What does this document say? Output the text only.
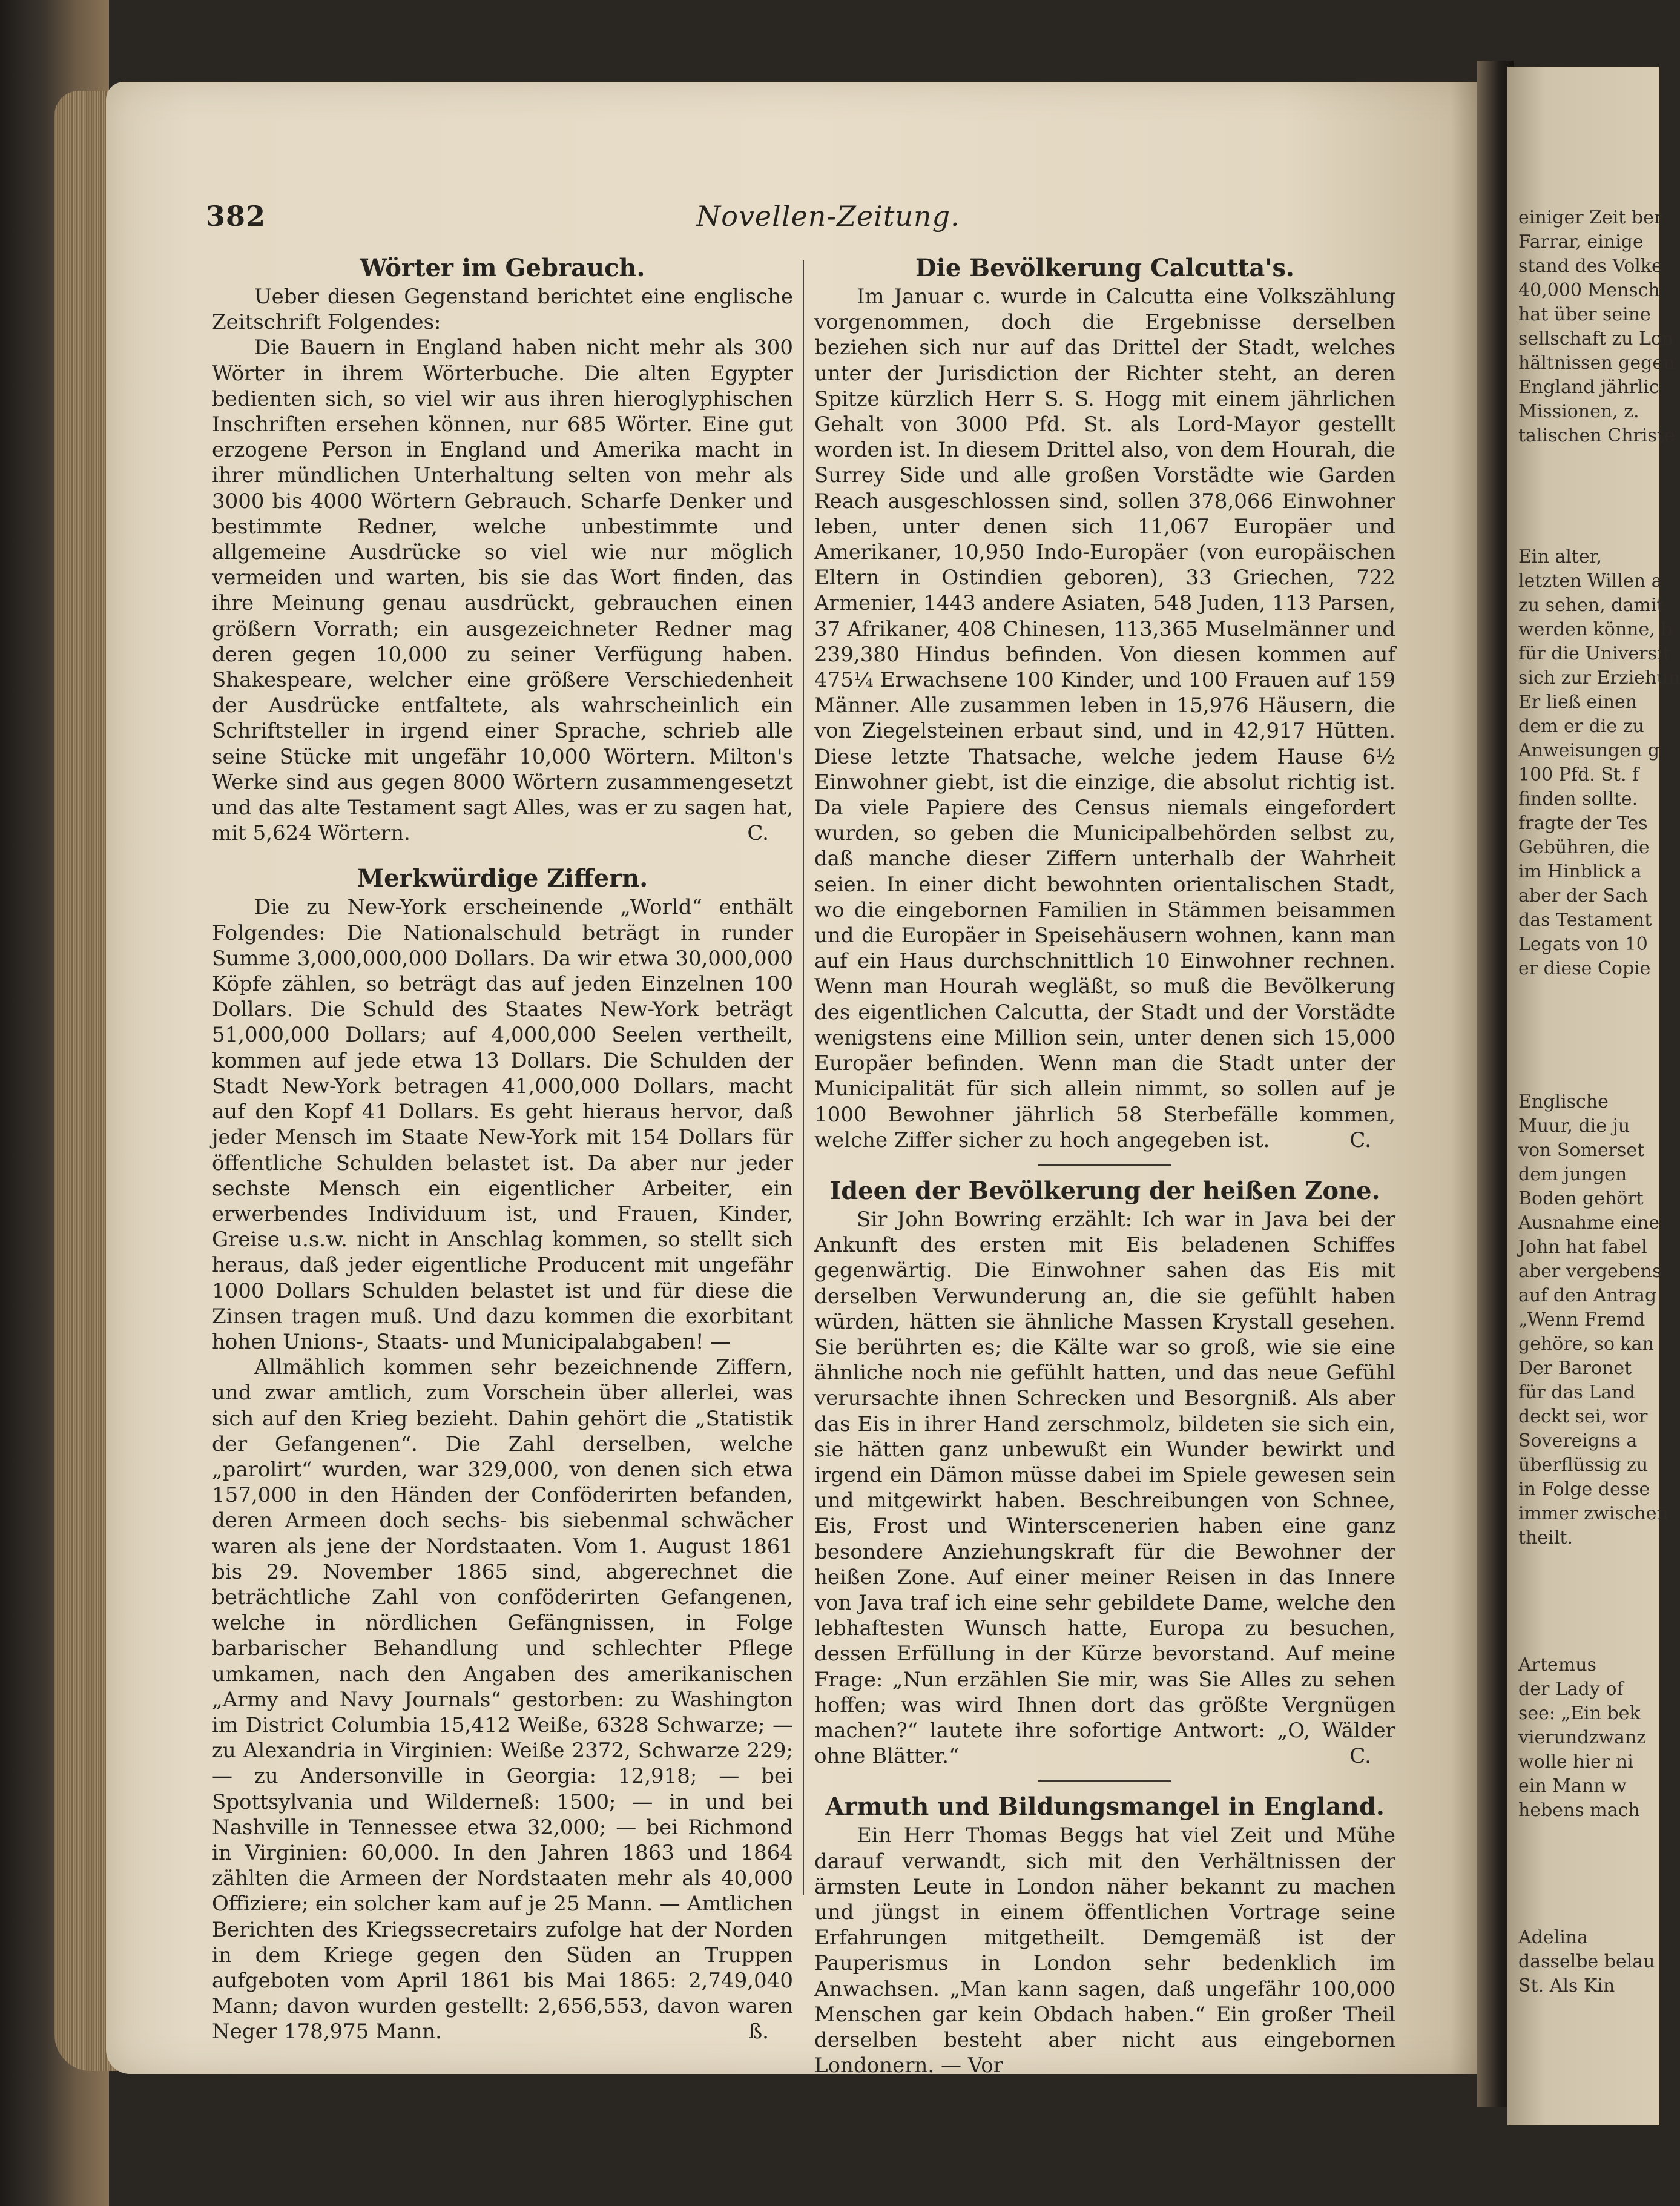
einiger Zeit ber
Farrar, einige
stand des Volke
40,000 Mensch
hat über seine
sellschaft zu Lon
hältnissen gegen
England jährlic
Missionen, z.
talischen Christe
Ein alter,
letzten Willen a
zu sehen, damit
werden könne, b
für die Universit
sich zur Erziehun
Er ließ einen
dem er die zu
Anweisungen g
100 Pfd. St. f
finden sollte.
fragte der Tes
Gebühren, die
im Hinblick a
aber der Sach
das Testament
Legats von 10
er diese Copie
Englische
Muur, die ju
von Somerset
dem jungen
Boden gehört
Ausnahme eine
John hat fabel
aber vergebens
auf den Antrag
„Wenn Fremd
gehöre, so kan
Der Baronet
für das Land
deckt sei, wor
Sovereigns a
überflüssig zu
in Folge desse
immer zwischen
theilt.
Artemus
der Lady of
see: „Ein bek
vierundzwanz
wolle hier ni
ein Mann w
hebens mach
Adelina
dasselbe belau
St. Als Kin
382	Novellen-Zeitung.
Wörter im Gebrauch.

Ueber diesen Gegenstand berichtet eine englische Zeitschrift Folgendes:

Die Bauern in England haben nicht mehr als 300 Wörter in ihrem Wörterbuche. Die alten Egypter bedienten sich, so viel wir aus ihren hieroglyphischen Inschriften ersehen können, nur 685 Wörter. Eine gut erzogene Person in England und Amerika macht in ihrer mündlichen Unterhaltung selten von mehr als 3000 bis 4000 Wörtern Gebrauch. Scharfe Denker und bestimmte Redner, welche unbestimmte und allgemeine Ausdrücke so viel wie nur möglich vermeiden und warten, bis sie das Wort finden, das ihre Meinung genau ausdrückt, gebrauchen einen größern Vorrath; ein ausgezeichneter Redner mag deren gegen 10,000 zu seiner Verfügung haben. Shakespeare, welcher eine größere Verschiedenheit der Ausdrücke entfaltete, als wahrscheinlich ein Schriftsteller in irgend einer Sprache, schrieb alle seine Stücke mit ungefähr 10,000 Wörtern. Milton's Werke sind aus gegen 8000 Wörtern zusammengesetzt und das alte Testament sagt Alles, was er zu sagen hat, mit 5,624 Wörtern.	C.

Merkwürdige Ziffern.

Die zu New-York erscheinende „World“ enthält Folgendes: Die Nationalschuld beträgt in runder Summe 3,000,000,000 Dollars. Da wir etwa 30,000,000 Köpfe zählen, so beträgt das auf jeden Einzelnen 100 Dollars. Die Schuld des Staates New-York beträgt 51,000,000 Dollars; auf 4,000,000 Seelen vertheilt, kommen auf jede etwa 13 Dollars. Die Schulden der Stadt New-York betragen 41,000,000 Dollars, macht auf den Kopf 41 Dollars. Es geht hieraus hervor, daß jeder Mensch im Staate New-York mit 154 Dollars für öffentliche Schulden belastet ist. Da aber nur jeder sechste Mensch ein eigentlicher Arbeiter, ein erwerbendes Individuum ist, und Frauen, Kinder, Greise u.s.w. nicht in Anschlag kommen, so stellt sich heraus, daß jeder eigentliche Producent mit ungefähr 1000 Dollars Schulden belastet ist und für diese die Zinsen tragen muß. Und dazu kommen die exorbitant hohen Unions-, Staats- und Municipalabgaben! —

Allmählich kommen sehr bezeichnende Ziffern, und zwar amtlich, zum Vorschein über allerlei, was sich auf den Krieg bezieht. Dahin gehört die „Statistik der Gefangenen“. Die Zahl derselben, welche „parolirt“ wurden, war 329,000, von denen sich etwa 157,000 in den Händen der Conföderirten befanden, deren Armeen doch sechs- bis siebenmal schwächer waren als jene der Nordstaaten. Vom 1. August 1861 bis 29. November 1865 sind, abgerechnet die beträchtliche Zahl von conföderirten Gefangenen, welche in nördlichen Gefängnissen, in Folge barbarischer Behandlung und schlechter Pflege umkamen, nach den Angaben des amerikanischen „Army and Navy Journals“ gestorben: zu Washington im District Columbia 15,412 Weiße, 6328 Schwarze; — zu Alexandria in Virginien: Weiße 2372, Schwarze 229; — zu Andersonville in Georgia: 12,918; — bei Spottsylvania und Wilderneß: 1500; — in und bei Nashville in Tennessee etwa 32,000; — bei Richmond in Virginien: 60,000. In den Jahren 1863 und 1864 zählten die Armeen der Nordstaaten mehr als 40,000 Offiziere; ein solcher kam auf je 25 Mann. — Amtlichen Berichten des Kriegssecretairs zufolge hat der Norden in dem Kriege gegen den Süden an Truppen aufgeboten vom April 1861 bis Mai 1865: 2,749,040 Mann; davon wurden gestellt: 2,656,553, davon waren Neger 178,975 Mann.	ß.

Die Bevölkerung Calcutta's.

Im Januar c. wurde in Calcutta eine Volkszählung vorgenommen, doch die Ergebnisse derselben beziehen sich nur auf das Drittel der Stadt, welches unter der Jurisdiction der Richter steht, an deren Spitze kürzlich Herr S. S. Hogg mit einem jährlichen Gehalt von 3000 Pfd. St. als Lord-Mayor gestellt worden ist. In diesem Drittel also, von dem Hourah, die Surrey Side und alle großen Vorstädte wie Garden Reach ausgeschlossen sind, sollen 378,066 Einwohner leben, unter denen sich 11,067 Europäer und Amerikaner, 10,950 Indo-Europäer (von europäischen Eltern in Ostindien geboren), 33 Griechen, 722 Armenier, 1443 andere Asiaten, 548 Juden, 113 Parsen, 37 Afrikaner, 408 Chinesen, 113,365 Muselmänner und 239,380 Hindus befinden. Von diesen kommen auf 475¼ Erwachsene 100 Kinder, und 100 Frauen auf 159 Männer. Alle zusammen leben in 15,976 Häusern, die von Ziegelsteinen erbaut sind, und in 42,917 Hütten. Diese letzte Thatsache, welche jedem Hause 6½ Einwohner giebt, ist die einzige, die absolut richtig ist. Da viele Papiere des Census niemals eingefordert wurden, so geben die Municipalbehörden selbst zu, daß manche dieser Ziffern unterhalb der Wahrheit seien. In einer dicht bewohnten orientalischen Stadt, wo die eingebornen Familien in Stämmen beisammen und die Europäer in Speisehäusern wohnen, kann man auf ein Haus durchschnittlich 10 Einwohner rechnen. Wenn man Hourah wegläßt, so muß die Bevölkerung des eigentlichen Calcutta, der Stadt und der Vorstädte wenigstens eine Million sein, unter denen sich 15,000 Europäer befinden. Wenn man die Stadt unter der Municipalität für sich allein nimmt, so sollen auf je 1000 Bewohner jährlich 58 Sterbefälle kommen, welche Ziffer sicher zu hoch angegeben ist.	C.

Ideen der Bevölkerung der heißen Zone.

Sir John Bowring erzählt: Ich war in Java bei der Ankunft des ersten mit Eis beladenen Schiffes gegenwärtig. Die Einwohner sahen das Eis mit derselben Verwunderung an, die sie gefühlt haben würden, hätten sie ähnliche Massen Krystall gesehen. Sie berührten es; die Kälte war so groß, wie sie eine ähnliche noch nie gefühlt hatten, und das neue Gefühl verursachte ihnen Schrecken und Besorgniß. Als aber das Eis in ihrer Hand zerschmolz, bildeten sie sich ein, sie hätten ganz unbewußt ein Wunder bewirkt und irgend ein Dämon müsse dabei im Spiele gewesen sein und mitgewirkt haben. Beschreibungen von Schnee, Eis, Frost und Winterscenerien haben eine ganz besondere Anziehungskraft für die Bewohner der heißen Zone. Auf einer meiner Reisen in das Innere von Java traf ich eine sehr gebildete Dame, welche den lebhaftesten Wunsch hatte, Europa zu besuchen, dessen Erfüllung in der Kürze bevorstand. Auf meine Frage: „Nun erzählen Sie mir, was Sie Alles zu sehen hoffen; was wird Ihnen dort das größte Vergnügen machen?“ lautete ihre sofortige Antwort: „O, Wälder ohne Blätter.“	C.

Armuth und Bildungsmangel in England.

Ein Herr Thomas Beggs hat viel Zeit und Mühe darauf verwandt, sich mit den Verhältnissen der ärmsten Leute in London näher bekannt zu machen und jüngst in einem öffentlichen Vortrage seine Erfahrungen mitgetheilt. Demgemäß ist der Pauperismus in London sehr bedenklich im Anwachsen. „Man kann sagen, daß ungefähr 100,000 Menschen gar kein Obdach haben.“ Ein großer Theil derselben besteht aber nicht aus eingebornen Londonern. — Vor
